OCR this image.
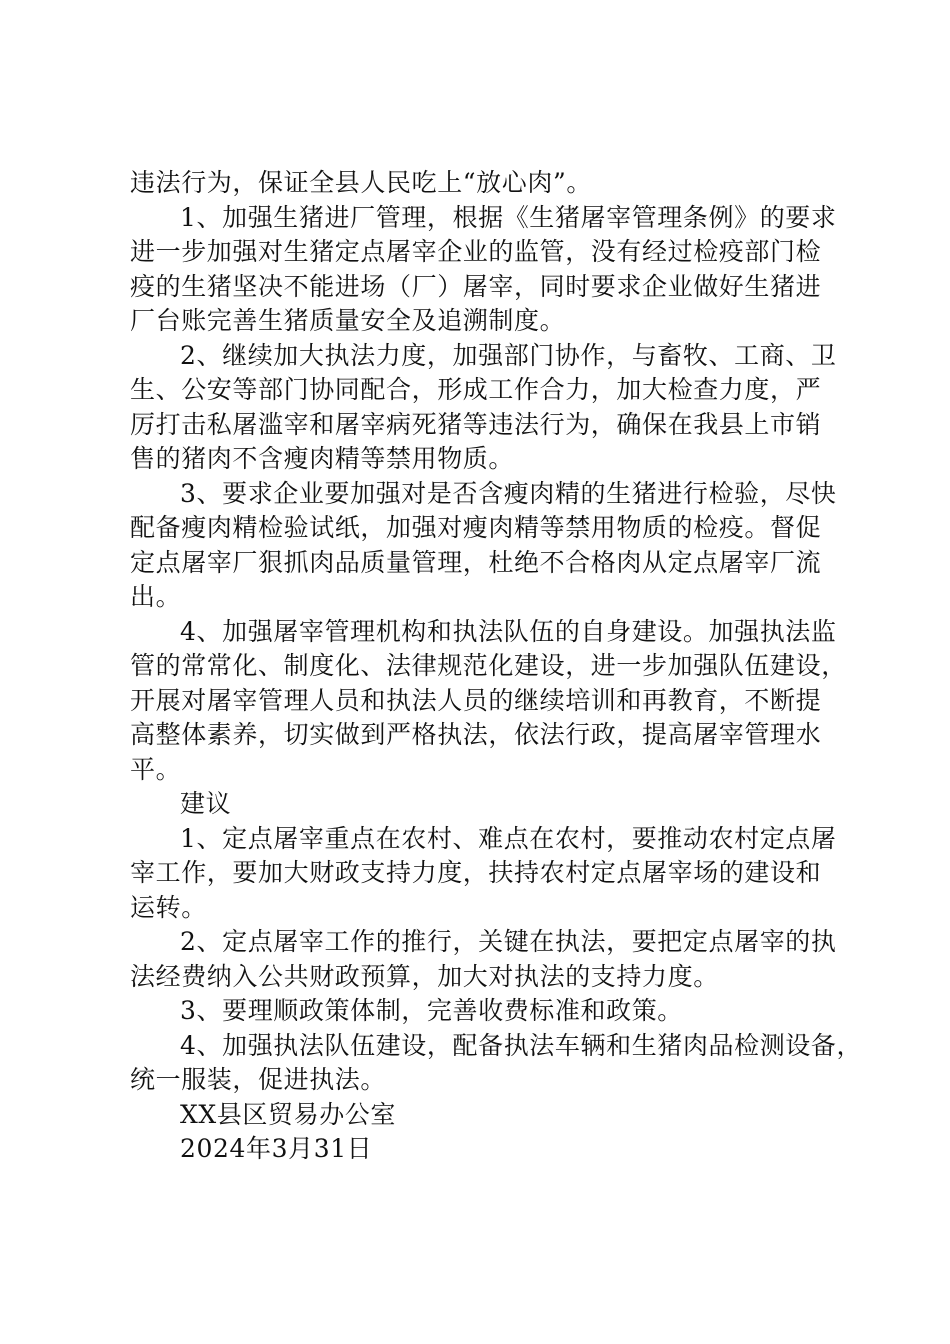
违法行为，保证全县人民吃上“放心肉”。
1、加强生猪进厂管理，根据《生猪屠宰管理条例》的要求
进一步加强对生猪定点屠宰企业的监管，没有经过检疫部门检
疫的生猪坚决不能进场（厂）屠宰，同时要求企业做好生猪进
厂台账完善生猪质量安全及追溯制度。
2、继续加大执法力度，加强部门协作，与畜牧、工商、卫
生、公安等部门协同配合，形成工作合力，加大检查力度，严
厉打击私屠滥宰和屠宰病死猪等违法行为，确保在我县上市销
售的猪肉不含瘦肉精等禁用物质。
3、要求企业要加强对是否含瘦肉精的生猪进行检验，尽快
配备瘦肉精检验试纸，加强对瘦肉精等禁用物质的检疫。督促
定点屠宰厂狠抓肉品质量管理，杜绝不合格肉从定点屠宰厂流
出。
4、加强屠宰管理机构和执法队伍的自身建设。加强执法监
管的常常化、制度化、法律规范化建设，进一步加强队伍建设，
开展对屠宰管理人员和执法人员的继续培训和再教育，不断提
高整体素养，切实做到严格执法，依法行政，提高屠宰管理水
平。
建议
1、定点屠宰重点在农村、难点在农村，要推动农村定点屠
宰工作，要加大财政支持力度，扶持农村定点屠宰场的建设和
运转。
2、定点屠宰工作的推行，关键在执法，要把定点屠宰的执
法经费纳入公共财政预算，加大对执法的支持力度。
3、要理顺政策体制，完善收费标准和政策。
4、加强执法队伍建设，配备执法车辆和生猪肉品检测设备，
统一服装，促进执法。
XX县区贸易办公室
2024年3月31日
